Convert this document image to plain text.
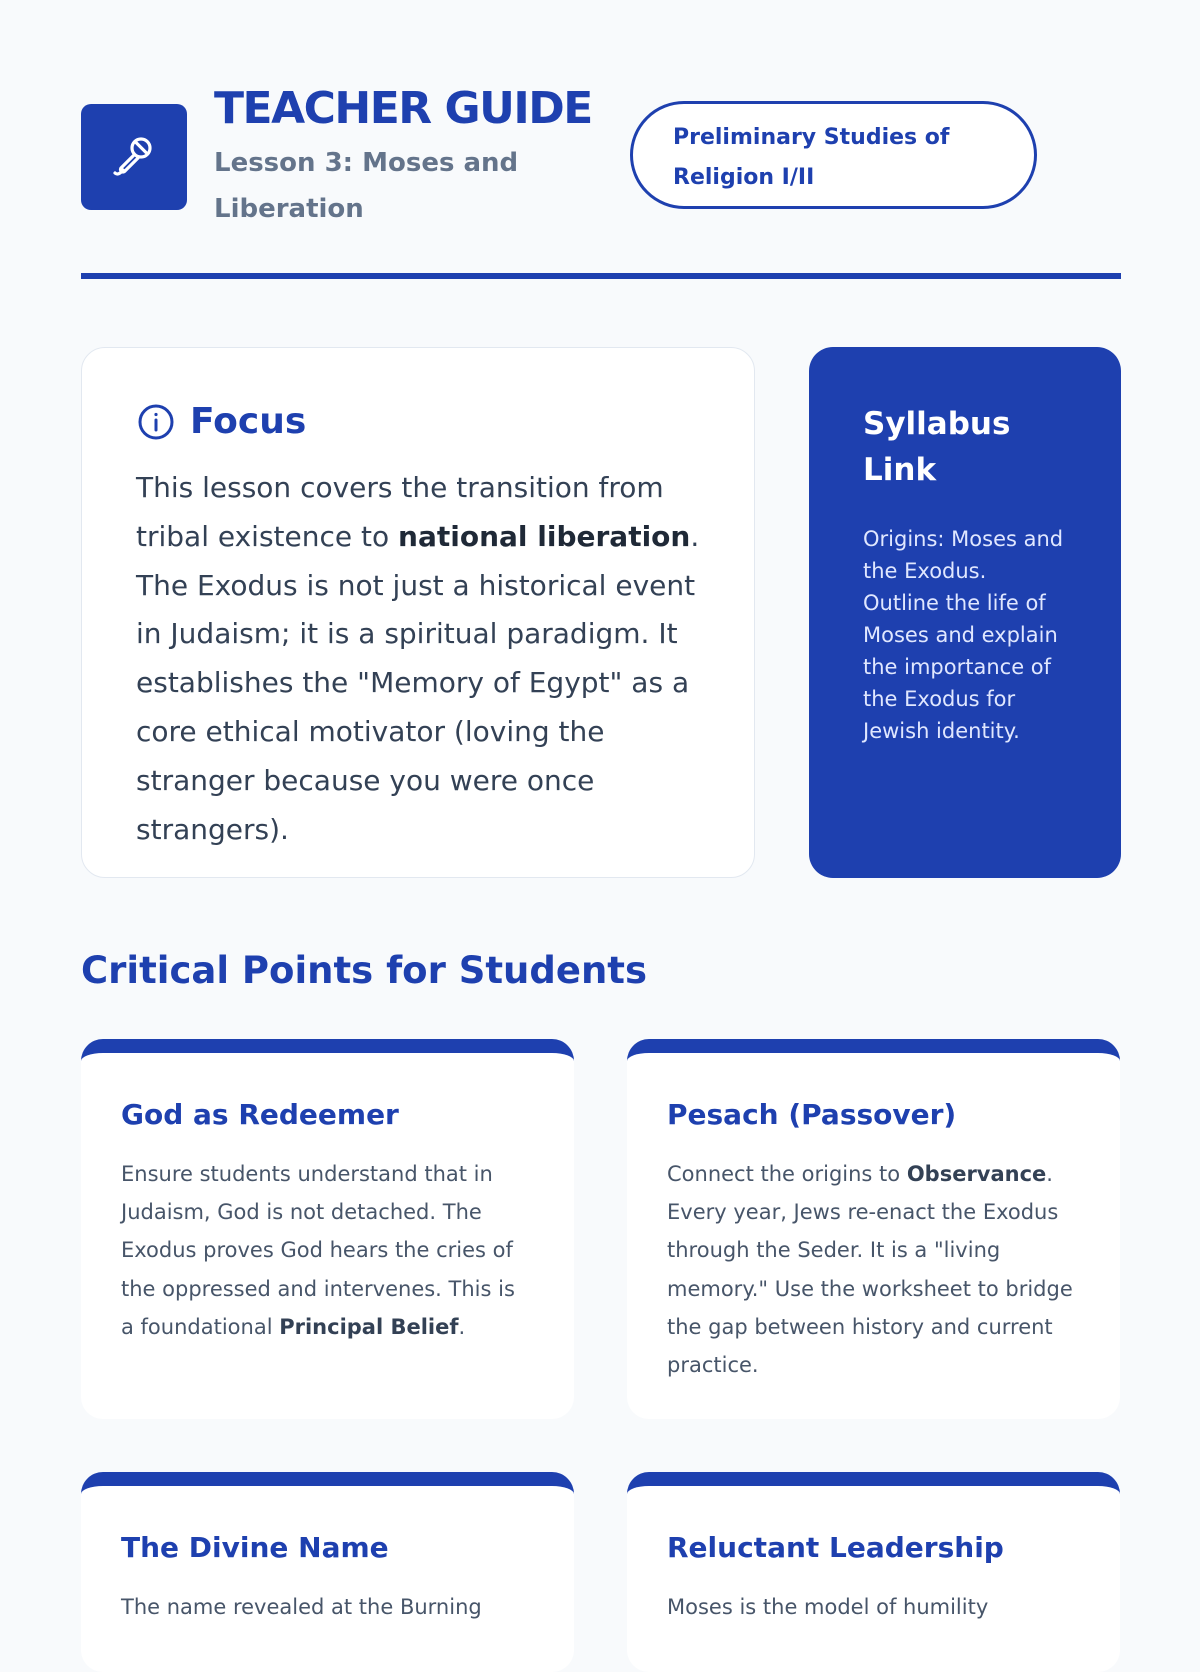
TEACHER GUIDE
Lesson 3: Moses and Liberation
Preliminary Studies of Religion I/II
Focus
This lesson covers the transition from tribal existence to national liberation.
The Exodus is not just a historical event in Judaism; it is a spiritual paradigm. It establishes the "Memory of Egypt" as a core ethical motivator (loving the stranger because you were once strangers).
Syllabus Link
Origins: Moses and the Exodus.
Outline the life of Moses and explain the importance of the Exodus for Jewish identity.
Critical Points for Students
God as Redeemer
Ensure students understand that in Judaism, God is not detached. The Exodus proves God hears the cries of the oppressed and intervenes. This is a foundational Principal Belief.
Pesach (Passover)
Connect the origins to Observance. Every year, Jews re-enact the Exodus through the Seder. It is a "living memory." Use the worksheet to bridge the gap between history and current practice.
The Divine Name
The name revealed at the Burning
Reluctant Leadership
Moses is the model of humility
